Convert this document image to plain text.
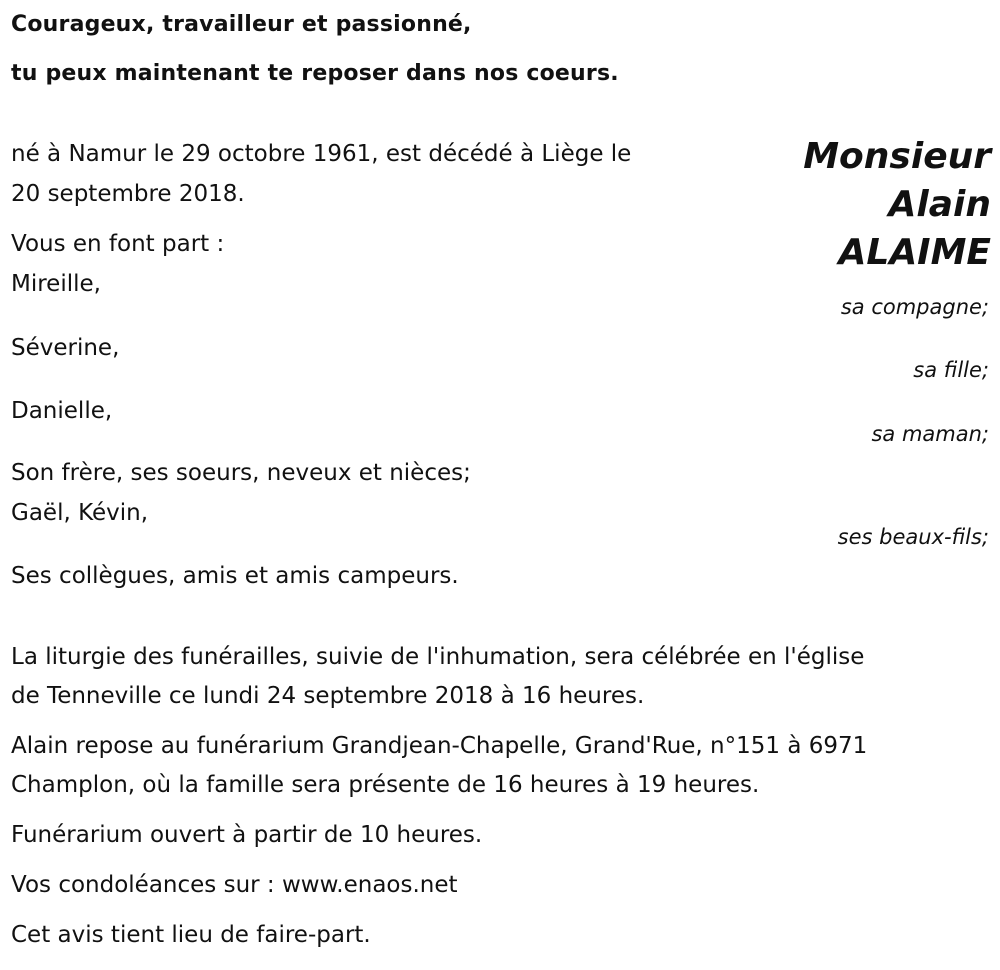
Courageux, travailleur et passionné,
tu peux maintenant te reposer dans nos coeurs.
Monsieur
Alain
ALAIME
né à Namur le 29 octobre 1961, est décédé à Liège le
20 septembre 2018.
Vous en font part :
Mireille,
sa compagne;
Séverine,
sa fille;
Danielle,
sa maman;
Son frère, ses soeurs, neveux et nièces;
Gaël, Kévin,
ses beaux-fils;
Ses collègues, amis et amis campeurs.
La liturgie des funérailles, suivie de l'inhumation, sera célébrée en l'église
de Tenneville ce lundi 24 septembre 2018 à 16 heures.
Alain repose au funérarium Grandjean-Chapelle, Grand'Rue, n°151 à 6971
Champlon, où la famille sera présente de 16 heures à 19 heures.
Funérarium ouvert à partir de 10 heures.
Vos condoléances sur : www.enaos.net
Cet avis tient lieu de faire-part.
